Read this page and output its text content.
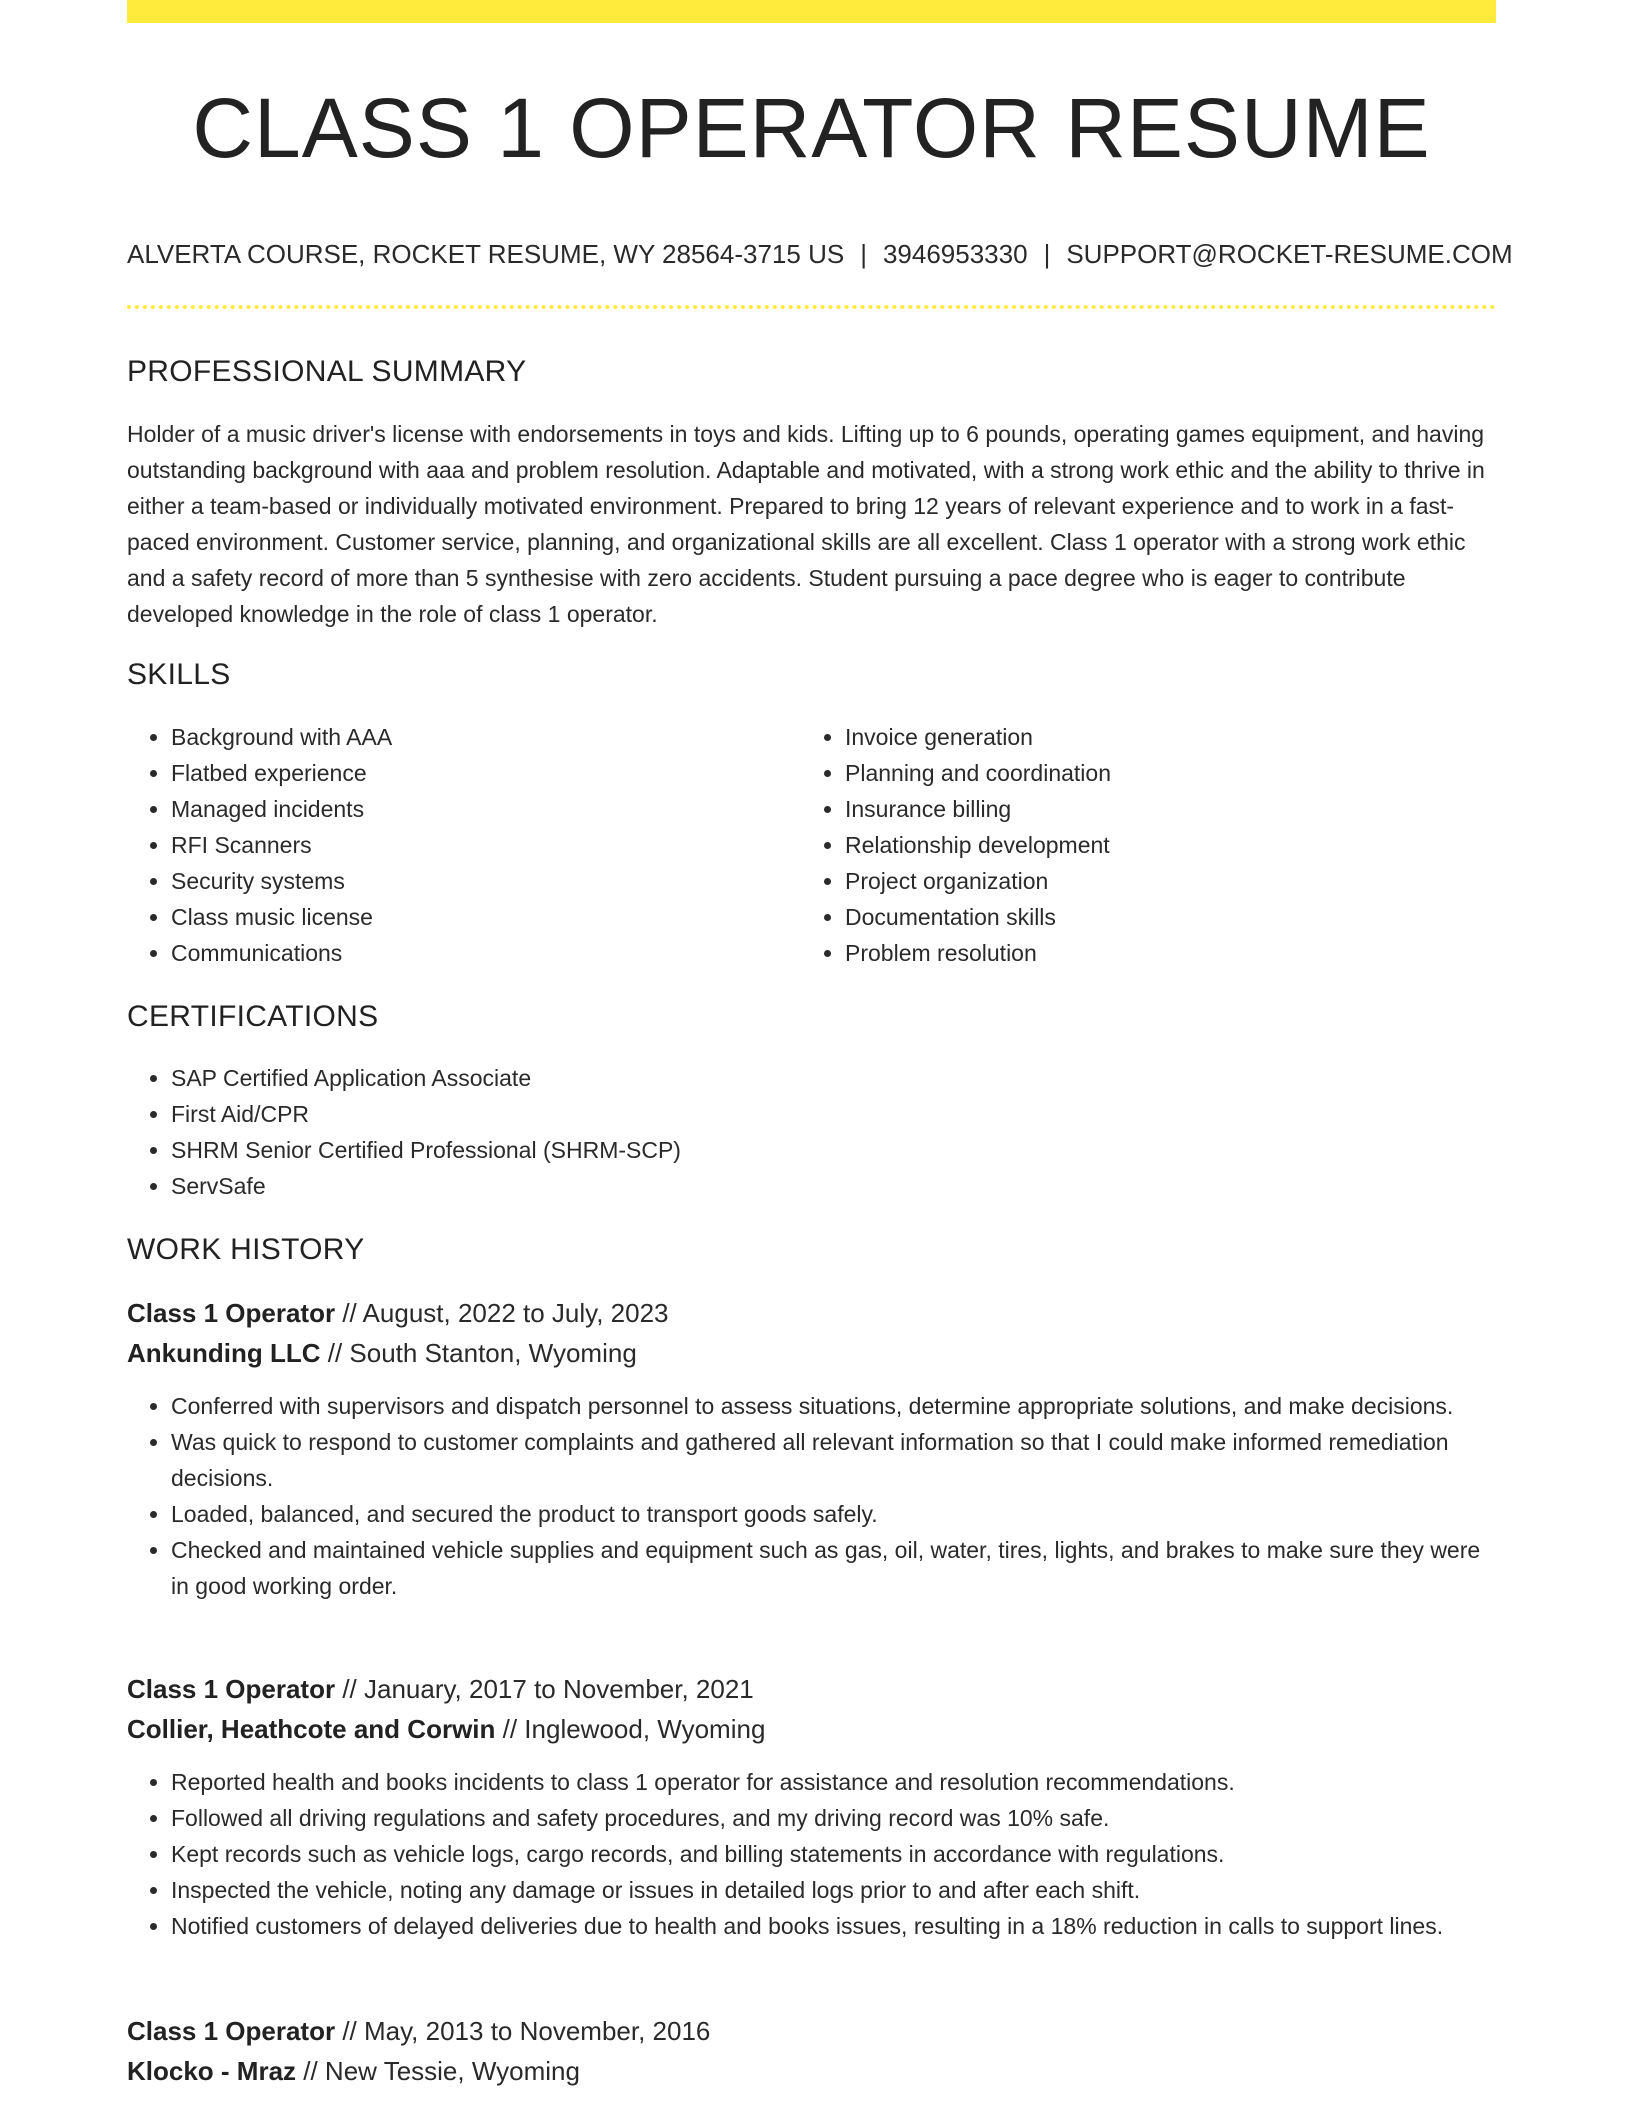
CLASS 1 OPERATOR RESUME
ALVERTA COURSE, ROCKET RESUME, WY 28564-3715 US | 3946953330 | SUPPORT@ROCKET-RESUME.COM
PROFESSIONAL SUMMARY

Holder of a music driver's license with endorsements in toys and kids. Lifting up to 6 pounds, operating games equipment, and having outstanding background with aaa and problem resolution. Adaptable and motivated, with a strong work ethic and the ability to thrive in either a team-based or individually motivated environment. Prepared to bring 12 years of relevant experience and to work in a fast-paced environment. Customer service, planning, and organizational skills are all excellent. Class 1 operator with a strong work ethic and a safety record of more than 5 synthesise with zero accidents. Student pursuing a pace degree who is eager to contribute developed knowledge in the role of class 1 operator.

SKILLS
• Background with AAA
• Flatbed experience
• Managed incidents
• RFI Scanners
• Security systems
• Class music license
• Communications
• Invoice generation
• Planning and coordination
• Insurance billing
• Relationship development
• Project organization
• Documentation skills
• Problem resolution
CERTIFICATIONS
• SAP Certified Application Associate
• First Aid/CPR
• SHRM Senior Certified Professional (SHRM-SCP)
• ServSafe
WORK HISTORY
Class 1 Operator // August, 2022 to July, 2023
Ankunding LLC // South Stanton, Wyoming
• Conferred with supervisors and dispatch personnel to assess situations, determine appropriate solutions, and make decisions.
• Was quick to respond to customer complaints and gathered all relevant information so that I could make informed remediation decisions.
• Loaded, balanced, and secured the product to transport goods safely.
• Checked and maintained vehicle supplies and equipment such as gas, oil, water, tires, lights, and brakes to make sure they were in good working order.
Class 1 Operator // January, 2017 to November, 2021
Collier, Heathcote and Corwin // Inglewood, Wyoming
• Reported health and books incidents to class 1 operator for assistance and resolution recommendations.
• Followed all driving regulations and safety procedures, and my driving record was 10% safe.
• Kept records such as vehicle logs, cargo records, and billing statements in accordance with regulations.
• Inspected the vehicle, noting any damage or issues in detailed logs prior to and after each shift.
• Notified customers of delayed deliveries due to health and books issues, resulting in a 18% reduction in calls to support lines.
Class 1 Operator // May, 2013 to November, 2016
Klocko - Mraz // New Tessie, Wyoming
